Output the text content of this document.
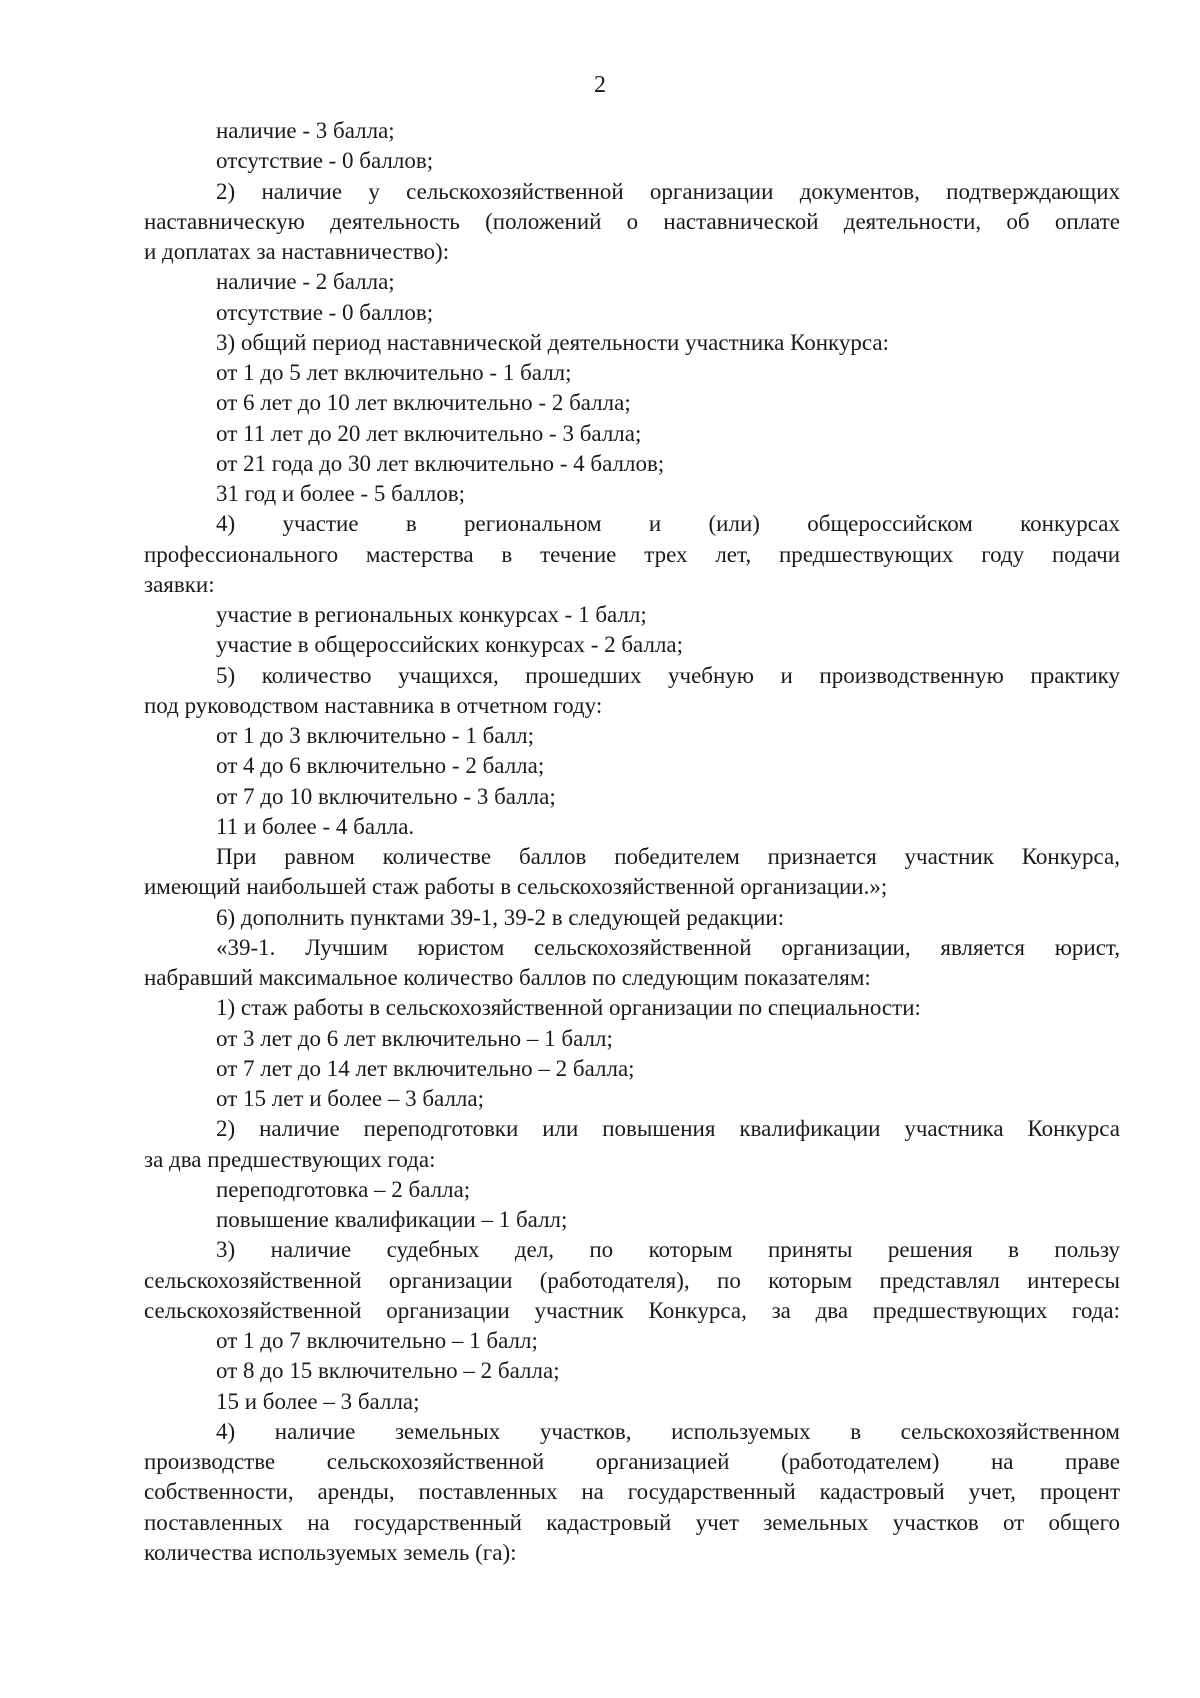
2
наличие - 3 балла;
отсутствие - 0 баллов;
2) наличие у сельскохозяйственной организации документов, подтверждающих
наставническую деятельность (положений о наставнической деятельности, об оплате
и доплатах за наставничество):
наличие - 2 балла;
отсутствие - 0 баллов;
3) общий период наставнической деятельности участника Конкурса:
от 1 до 5 лет включительно - 1 балл;
от 6 лет до 10 лет включительно - 2 балла;
от 11 лет до 20 лет включительно - 3 балла;
от 21 года до 30 лет включительно - 4 баллов;
31 год и более - 5 баллов;
4) участие в региональном и (или) общероссийском конкурсах
профессионального мастерства в течение трех лет, предшествующих году подачи
заявки:
участие в региональных конкурсах - 1 балл;
участие в общероссийских конкурсах - 2 балла;
5) количество учащихся, прошедших учебную и производственную практику
под руководством наставника в отчетном году:
от 1 до 3 включительно - 1 балл;
от 4 до 6 включительно - 2 балла;
от 7 до 10 включительно - 3 балла;
11 и более - 4 балла.
При равном количестве баллов победителем признается участник Конкурса,
имеющий наибольшей стаж работы в сельскохозяйственной организации.»;
6) дополнить пунктами 39-1, 39-2 в следующей редакции:
«39-1. Лучшим юристом сельскохозяйственной организации, является юрист,
набравший максимальное количество баллов по следующим показателям:
1) стаж работы в сельскохозяйственной организации по специальности:
от 3 лет до 6 лет включительно – 1 балл;
от 7 лет до 14 лет включительно – 2 балла;
от 15 лет и более – 3 балла;
2) наличие переподготовки или повышения квалификации участника Конкурса
за два предшествующих года:
переподготовка – 2 балла;
повышение квалификации – 1 балл;
3) наличие судебных дел, по которым приняты решения в пользу
сельскохозяйственной организации (работодателя), по которым представлял интересы
сельскохозяйственной организации участник Конкурса, за два предшествующих года:
от 1 до 7 включительно – 1 балл;
от 8 до 15 включительно – 2 балла;
15 и более – 3 балла;
4) наличие земельных участков, используемых в сельскохозяйственном
производстве сельскохозяйственной организацией (работодателем) на праве
собственности, аренды, поставленных на государственный кадастровый учет, процент
поставленных на государственный кадастровый учет земельных участков от общего
количества используемых земель (га):
